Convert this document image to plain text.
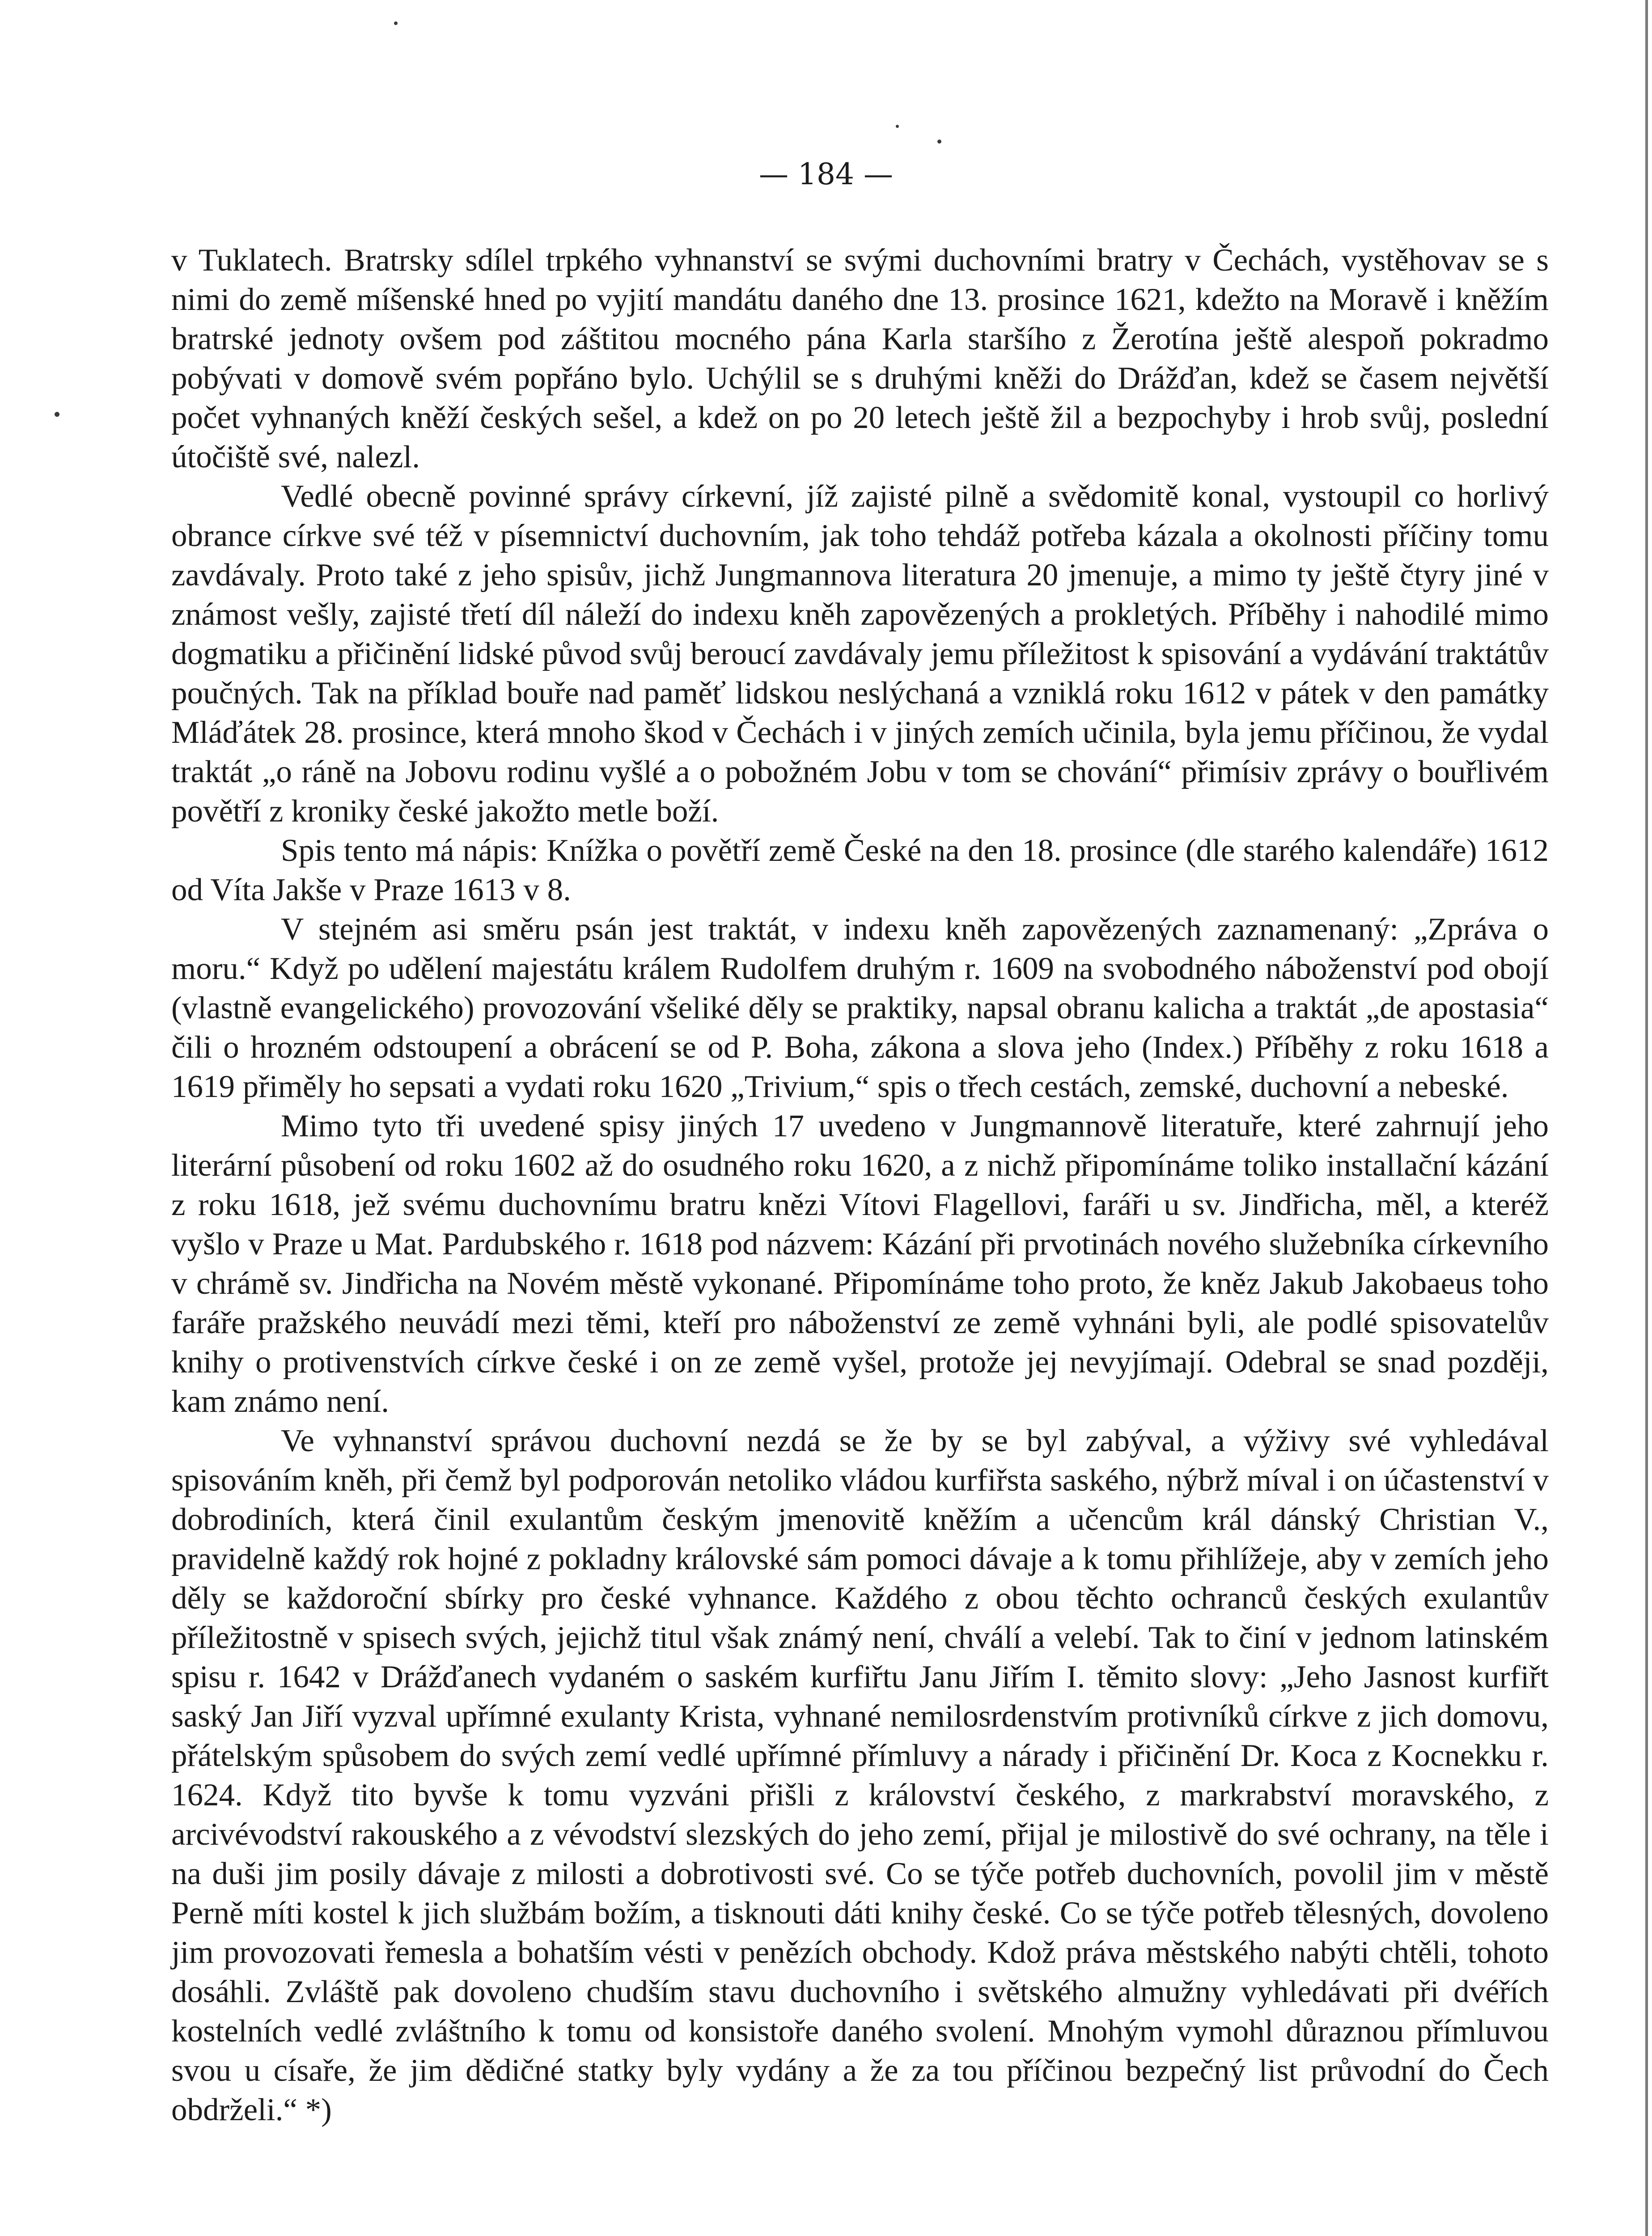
— 184 —

v Tuklatech. Bratrsky sdílel trpkého vyhnanství se svými duchovními bratry v Čechách, vystěhovav se s nimi do země míšenské hned po vyjití mandátu daného dne 13. prosince 1621, kdežto na Moravě i kněžím bratrské jednoty ovšem pod záštitou mocného pána Karla staršího z Žerotína ještě alespoň pokradmo pobývati v domově svém popřáno bylo. Uchýlil se s druhými kněži do Drážďan, kdež se časem největší počet vyhnaných kněží českých sešel, a kdež on po 20 letech ještě žil a bezpochyby i hrob svůj, poslední útočiště své, nalezl.

Vedlé obecně povinné správy církevní, jíž zajisté pilně a svědomitě konal, vystoupil co horlivý obrance církve své též v písemnictví duchovním, jak toho tehdáž potřeba kázala a okolnosti příčiny tomu zavdávaly. Proto také z jeho spisův, jichž Jungmannova literatura 20 jmenuje, a mimo ty ještě čtyry jiné v známost vešly, zajisté třetí díl náleží do indexu kněh zapovězených a prokletých. Příběhy i nahodilé mimo dogmatiku a přičinění lidské původ svůj beroucí zavdávaly jemu příležitost k spisování a vydávání traktátův poučných. Tak na příklad bouře nad paměť lidskou neslýchaná a vzniklá roku 1612 v pátek v den památky Mláďátek 28. prosince, která mnoho škod v Čechách i v jiných zemích učinila, byla jemu příčinou, že vydal traktát „o ráně na Jobovu rodinu vyšlé a o pobožném Jobu v tom se chování“ přimísiv zprávy o bouřlivém povětří z kroniky české jakožto metle boží.

Spis tento má nápis: Knížka o povětří země České na den 18. prosince (dle starého kalendáře) 1612 od Víta Jakše v Praze 1613 v 8.

V stejném asi směru psán jest traktát, v indexu kněh zapovězených zaznamenaný: „Zpráva o moru.“ Když po udělení majestátu králem Rudolfem druhým r. 1609 na svobodného náboženství pod obojí (vlastně evangelického) provozování všeliké děly se praktiky, napsal obranu kalicha a traktát „de apostasia“ čili o hrozném odstoupení a obrácení se od P. Boha, zákona a slova jeho (Index.) Příběhy z roku 1618 a 1619 přiměly ho sepsati a vydati roku 1620 „Trivium,“ spis o třech cestách, zemské, duchovní a nebeské.

Mimo tyto tři uvedené spisy jiných 17 uvedeno v Jungmannově literatuře, které zahrnují jeho literární působení od roku 1602 až do osudného roku 1620, a z nichž připomínáme toliko installační kázání z roku 1618, jež svému duchovnímu bratru knězi Vítovi Flagellovi, faráři u sv. Jindřicha, měl, a kteréž vyšlo v Praze u Mat. Pardubského r. 1618 pod názvem: Kázání při prvotinách nového služebníka církevního v chrámě sv. Jindřicha na Novém městě vykonané. Připomínáme toho proto, že kněz Jakub Jakobaeus toho faráře pražského neuvádí mezi těmi, kteří pro náboženství ze země vyhnáni byli, ale podlé spisovatelův knihy o protivenstvích církve české i on ze země vyšel, protože jej nevyjímají. Odebral se snad později, kam známo není.

Ve vyhnanství správou duchovní nezdá se že by se byl zabýval, a výživy své vyhledával spisováním kněh, při čemž byl podporován netoliko vládou kurfiřsta saského, nýbrž míval i on účastenství v dobrodiních, která činil exulantům českým jmenovitě kněžím a učencům král dánský Christian V., pravidelně každý rok hojné z pokladny královské sám pomoci dávaje a k tomu přihlížeje, aby v zemích jeho děly se každoroční sbírky pro české vyhnance. Každého z obou těchto ochranců českých exulantův příležitostně v spisech svých, jejichž titul však známý není, chválí a velebí. Tak to činí v jednom latinském spisu r. 1642 v Drážďanech vydaném o saském kurfiřtu Janu Jiřím I. těmito slovy: „Jeho Jasnost kurfiřt saský Jan Jiří vyzval upřímné exulanty Krista, vyhnané nemilosrdenstvím protivníků církve z jich domovu, přátelským spůsobem do svých zemí vedlé upřímné přímluvy a nárady i přičinění Dr. Koca z Kocnekku r. 1624. Když tito byvše k tomu vyzváni přišli z království českého, z markrabství moravského, z arcivévodství rakouského a z vévodství slezských do jeho zemí, přijal je milostivě do své ochrany, na těle i na duši jim posily dávaje z milosti a dobrotivosti své. Co se týče potřeb duchovních, povolil jim v městě Perně míti kostel k jich službám božím, a tisknouti dáti knihy české. Co se týče potřeb tělesných, dovoleno jim provozovati řemesla a bohatším vésti v penězích obchody. Kdož práva městského nabýti chtěli, tohoto dosáhli. Zvláště pak dovoleno chudším stavu duchovního i světského almužny vyhledávati při dvéřích kostelních vedlé zvláštního k tomu od konsistoře daného svolení. Mnohým vymohl důraznou přímluvou svou u císaře, že jim dědičné statky byly vydány a že za tou příčinou bezpečný list průvodní do Čech obdrželi.“ *)
